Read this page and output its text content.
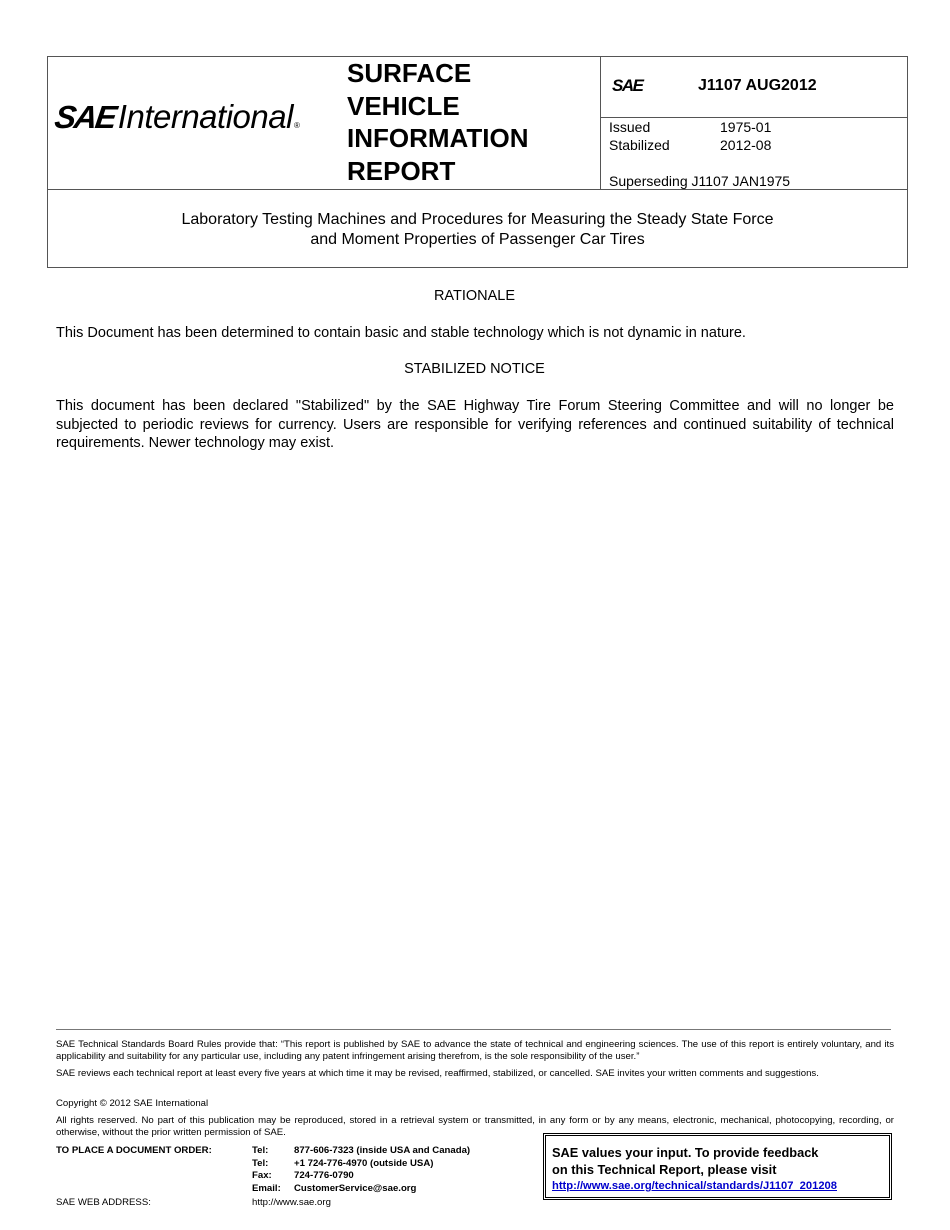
SAE International ®
SURFACE
VEHICLE
INFORMATION
REPORT
SAE	J1107 AUG2012
Issued	1975-01
Stabilized	2012-08
Superseding J1107 JAN1975
Laboratory Testing Machines and Procedures for Measuring the Steady State Force
and Moment Properties of Passenger Car Tires
RATIONALE
This Document has been determined to contain basic and stable technology which is not dynamic in nature.
STABILIZED NOTICE
This document has been declared "Stabilized" by the SAE Highway Tire Forum Steering Committee and will no longer be subjected to periodic reviews for currency. Users are responsible for verifying references and continued suitability of technical requirements. Newer technology may exist.
SAE Technical Standards Board Rules provide that: “This report is published by SAE to advance the state of technical and engineering sciences. The use of this report is entirely voluntary, and its applicability and suitability for any particular use, including any patent infringement arising therefrom, is the sole responsibility of the user.”
SAE reviews each technical report at least every five years at which time it may be revised, reaffirmed, stabilized, or cancelled. SAE invites your written comments and suggestions.
Copyright © 2012 SAE International
All rights reserved. No part of this publication may be reproduced, stored in a retrieval system or transmitted, in any form or by any means, electronic, mechanical, photocopying, recording, or otherwise, without the prior written permission of SAE.
TO PLACE A DOCUMENT ORDER:	Tel:	877-606-7323 (inside USA and Canada)
Tel:	+1 724-776-4970 (outside USA)
Fax: 724-776-0790
Email: CustomerService@sae.org
SAE WEB ADDRESS:	http://www.sae.org
SAE values your input. To provide feedback
on this Technical Report, please visit
http://www.sae.org/technical/standards/J1107_201208
